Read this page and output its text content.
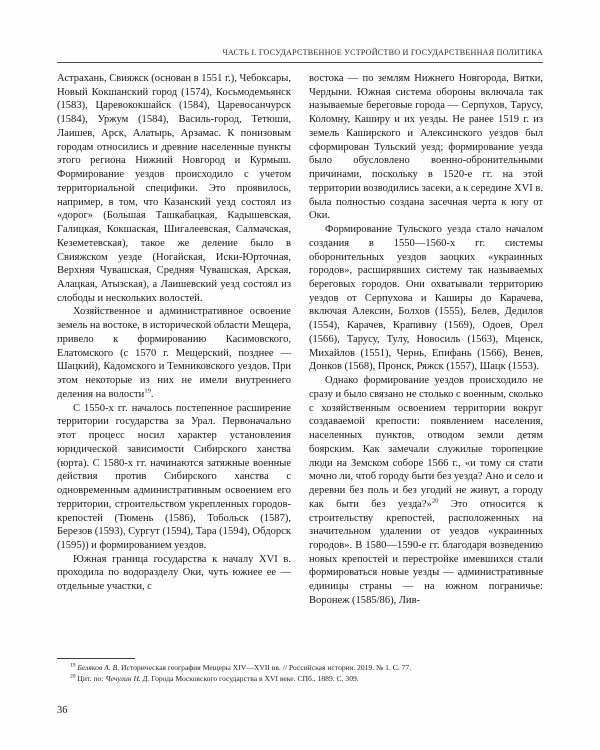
ЧАСТЬ I. ГОСУДАРСТВЕННОЕ УСТРОЙСТВО И ГОСУДАРСТВЕННАЯ ПОЛИТИКА

Астрахань, Свияжск (основан в 1551 г.), Чебоксары, Новый Кокшанский город (1574), Косьмодемьянск (1583), Царевококшайск (1584), Царевосанчурск (1584), Уржум (1584), Василь-город, Тетюши, Лаишев, Арск, Алатырь, Арзамас. К понизовым городам относились и древние населенные пункты этого региона Нижний Новгород и Курмыш. Формирование уездов происходило с учетом территориальной специфики. Это проявилось, например, в том, что Казанский уезд состоял из «дорог» (Большая Ташкабацкая, Кадышевская, Галицкая, Кокшаская, Шигалеевская, Салмачская, Кеземетевская), такое же деление было в Свияжском уезде (Ногайская, Иски-Юрточная, Верхняя Чувашская, Средняя Чувашская, Арская, Алацкая, Атызская), а Лаишевский уезд состоял из слободы и нескольких волостей.

Хозяйственное и административное освоение земель на востоке, в исторической области Мещера, привело к формированию Касимовского, Елатомского (с 1570 г. Мещерский, позднее — Шацкий), Кадомского и Темниковского уездов. При этом некоторые из них не имели внутреннего деления на волости$^{19}$.

С 1550-х гг. началось постепенное расширение территории государства за Урал. Первоначально этот процесс носил характер установления юридической зависимости Сибирского ханства (юрта). С 1580-х гг. начинаются затяжные военные действия против Сибирского ханства с одновременным административным освоением его территории, строительством укрепленных городов-крепостей (Тюмень (1586), Тобольск (1587), Березов (1593), Сургут (1594), Тара (1594), Обдорск (1595)) и формированием уездов.

Южная граница государства к началу XVI в. проходила по водоразделу Оки, чуть южнее ее — отдельные участки, с

востока — по землям Нижнего Новгорода, Вятки, Чердыни. Южная система обороны включала так называемые береговые города — Серпухов, Тарусу, Коломну, Каширу и их уезды. Не ранее 1519 г. из земель Каширского и Алексинского уездов был сформирован Тульский уезд; формирование уезда было обусловлено военно-обронительными причинами, поскольку в 1520-е гг. на этой территории возводились засеки, а к середине XVI в. была полностью создана засечная черта к югу от Оки.

Формирование Тульского уезда стало началом создания в 1550—1560-х гг. системы оборонительных уездов заоцких «украинных городов», расширявших систему так называемых береговых городов. Они охватывали территорию уездов от Серпухова и Каширы до Карачева, включая Алексин, Болхов (1555), Белев, Дедилов (1554), Карачев, Крапивну (1569), Одоев, Орел (1566), Тарусу, Тулу, Новосиль (1563), Мценск, Михайлов (1551), Чернь, Епифань (1566), Венев, Донков (1568), Пронск, Ряжск (1557), Шацк (1553).

Однако формирование уездов происходило не сразу и было связано не столько с военным, сколько с хозяйственным освоением территории вокруг создаваемой крепости: появлением населения, населенных пунктов, отводом земли детям боярским. Как замечали служилые торопецкие люди на Земском соборе 1566 г., «и тому ся стати мочно ли, чтоб городу быти без уезда? Ано и село и деревни без поль и без угодий не живут, а городу как быти без уезда?»$^{20}$ Это относится к строительству крепостей, расположенных на значительном удалении от уездов «украинных городов». В 1580—1590-е гг. благодаря возведению новых крепостей и перестройке имевшихся стали формироваться новые уезды — административные единицы страны — на южном пограничье: Воронеж (1585/86), Лив-

$^{19}$ Беляков А. В. Историческая география Мещеры XIV—XVII вв. // Российская история. 2019. № 1. С. 77.

$^{20}$ Цит. по: Чечулин Н. Д. Города Московского государства в XVI веке. СПб., 1889. С. 309.

36
